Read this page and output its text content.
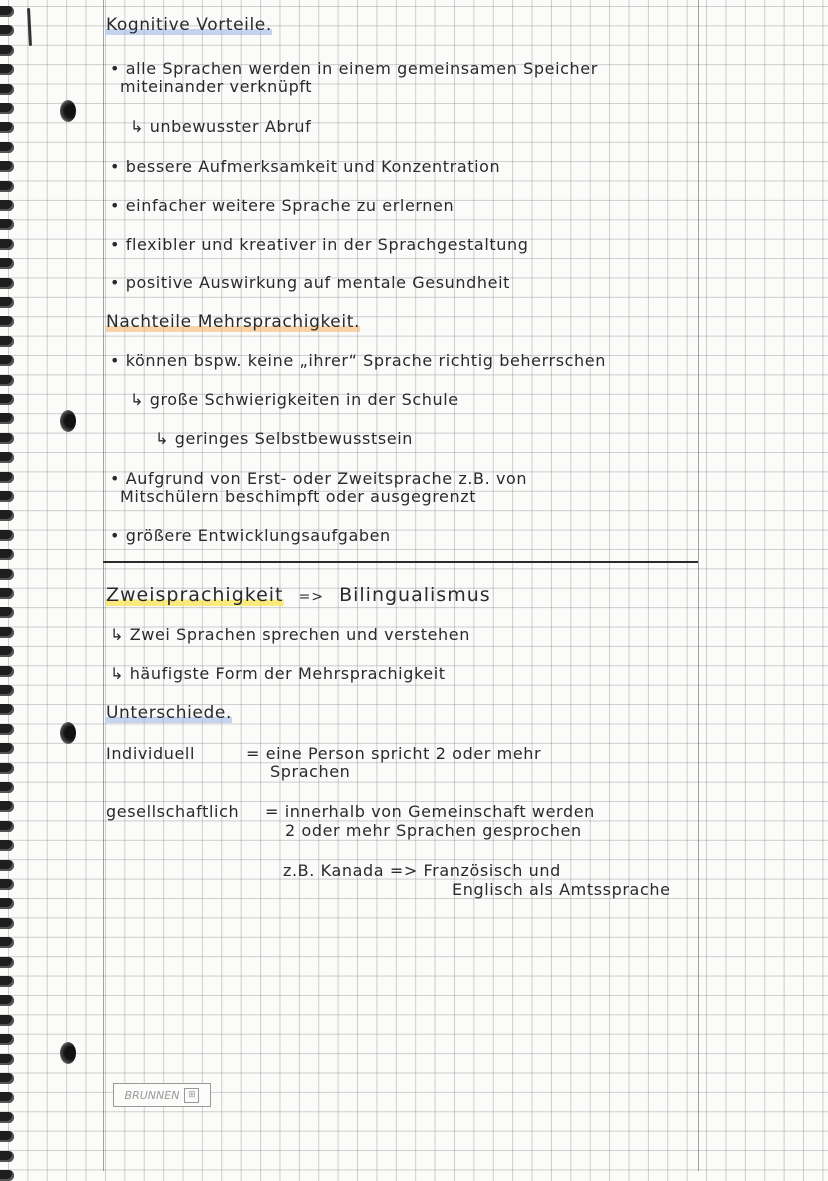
Kognitive Vorteile.
• alle Sprachen werden in einem gemeinsamen Speicher
miteinander verknüpft
↳ unbewusster Abruf
• bessere Aufmerksamkeit und Konzentration
• einfacher weitere Sprache zu erlernen
• flexibler und kreativer in der Sprachgestaltung
• positive Auswirkung auf mentale Gesundheit
Nachteile Mehrsprachigkeit.
• können bspw. keine „ihrer“ Sprache richtig beherrschen
↳ große Schwierigkeiten in der Schule
↳ geringes Selbstbewusstsein
• Aufgrund von Erst- oder Zweitsprache z.B. von
Mitschülern beschimpft oder ausgegrenzt
• größere Entwicklungsaufgaben
Zweisprachigkeit => Bilingualismus
↳ Zwei Sprachen sprechen und verstehen
↳ häufigste Form der Mehrsprachigkeit
Unterschiede.
Individuell	= eine Person spricht 2 oder mehr
Sprachen
gesellschaftlich = innerhalb von Gemeinschaft werden
2 oder mehr Sprachen gesprochen
z.B. Kanada => Französisch und
Englisch als Amtssprache
BRUNNEN ⊞
